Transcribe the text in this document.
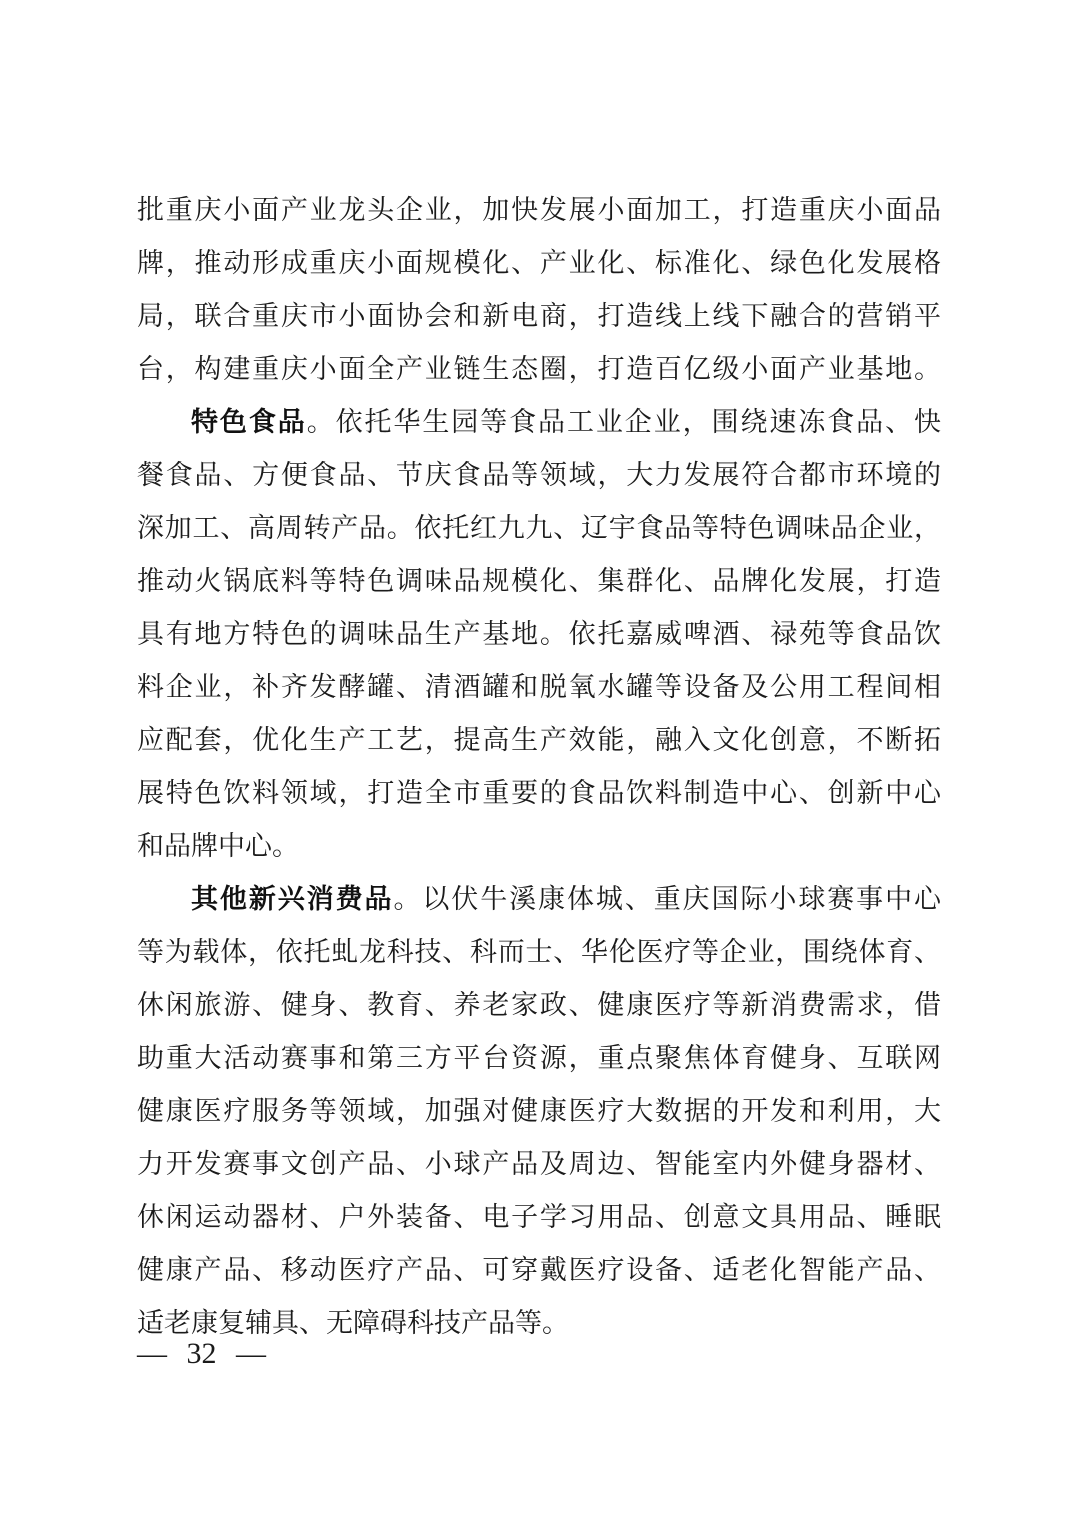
批重庆小面产业龙头企业，加快发展小面加工，打造重庆小面品
牌，推动形成重庆小面规模化、产业化、标准化、绿色化发展格
局，联合重庆市小面协会和新电商，打造线上线下融合的营销平
台，构建重庆小面全产业链生态圈，打造百亿级小面产业基地。
特色食品。依托华生园等食品工业企业，围绕速冻食品、快
餐食品、方便食品、节庆食品等领域，大力发展符合都市环境的
深加工、高周转产品。依托红九九、辽宇食品等特色调味品企业，
推动火锅底料等特色调味品规模化、集群化、品牌化发展，打造
具有地方特色的调味品生产基地。依托嘉威啤酒、禄苑等食品饮
料企业，补齐发酵罐、清酒罐和脱氧水罐等设备及公用工程间相
应配套，优化生产工艺，提高生产效能，融入文化创意，不断拓
展特色饮料领域，打造全市重要的食品饮料制造中心、创新中心
和品牌中心。
其他新兴消费品。以伏牛溪康体城、重庆国际小球赛事中心
等为载体，依托虬龙科技、科而士、华伦医疗等企业，围绕体育、
休闲旅游、健身、教育、养老家政、健康医疗等新消费需求，借
助重大活动赛事和第三方平台资源，重点聚焦体育健身、互联网
健康医疗服务等领域，加强对健康医疗大数据的开发和利用，大
力开发赛事文创产品、小球产品及周边、智能室内外健身器材、
休闲运动器材、户外装备、电子学习用品、创意文具用品、睡眠
健康产品、移动医疗产品、可穿戴医疗设备、适老化智能产品、
适老康复辅具、无障碍科技产品等。
— 32 —
